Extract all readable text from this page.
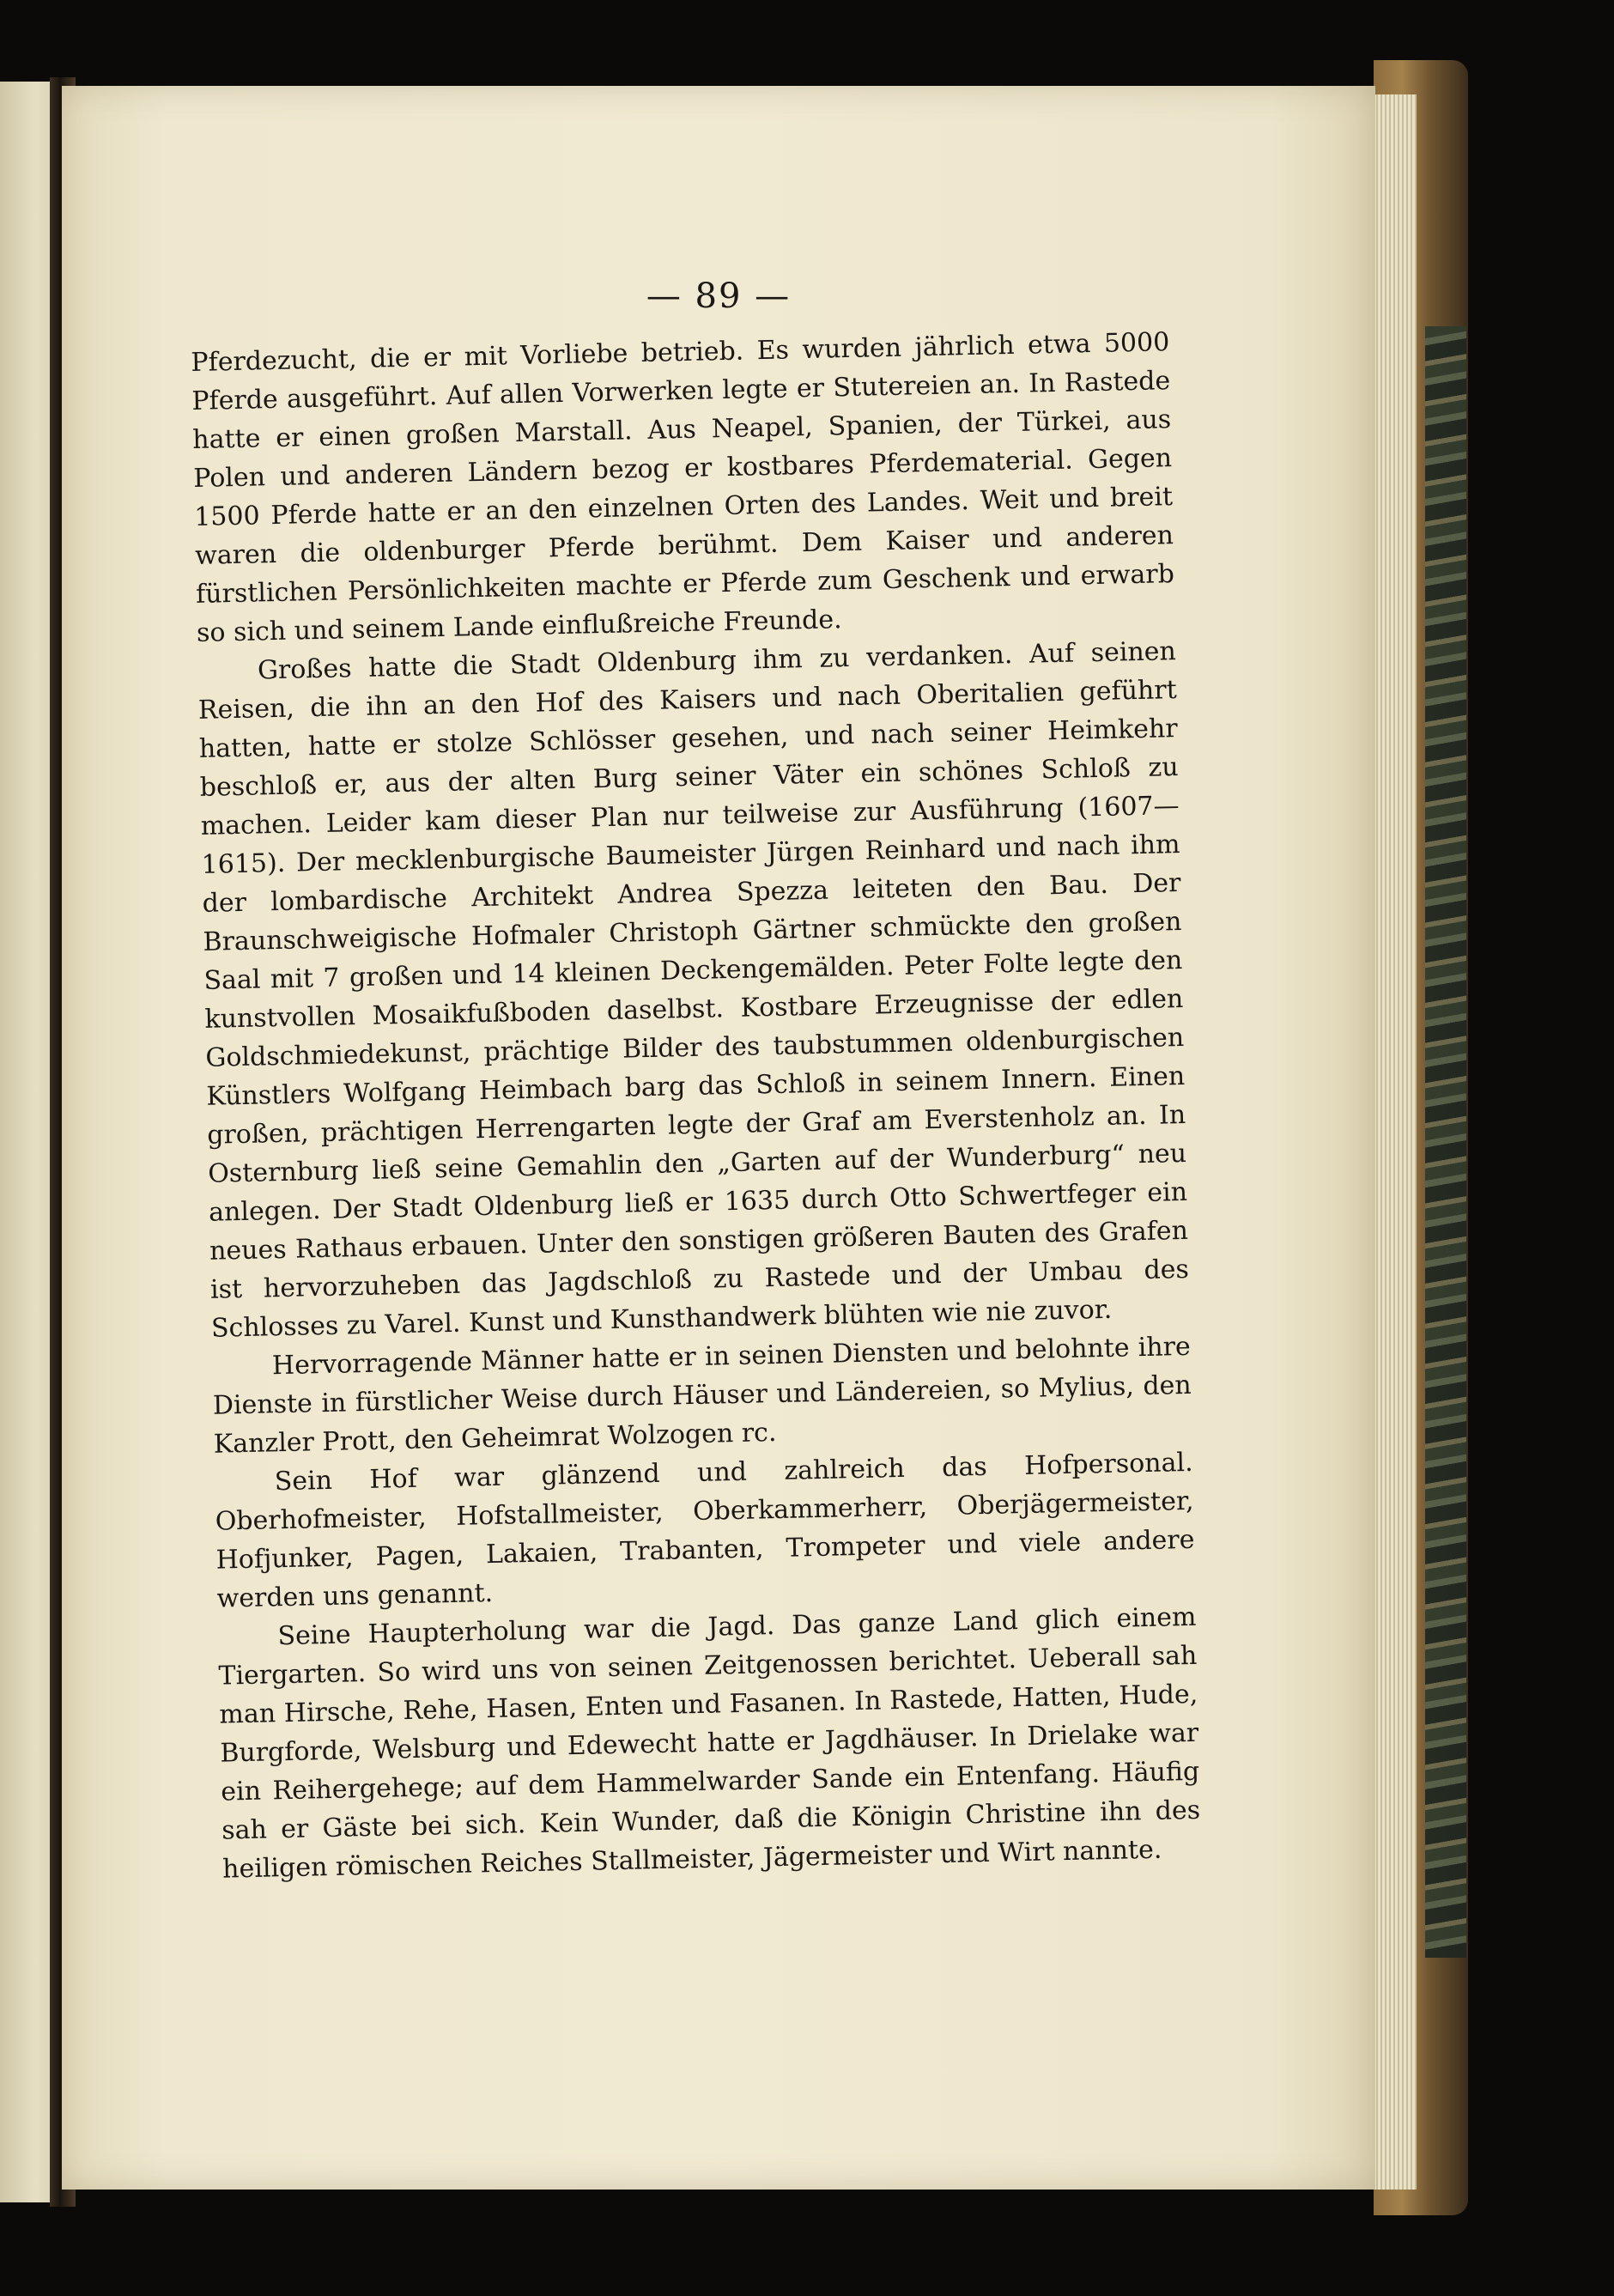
— 89 —

Pferdezucht, die er mit Vorliebe betrieb. Es wurden jährlich etwa 5000 Pferde ausgeführt. Auf allen Vorwerken legte er Stutereien an. In Rastede hatte er einen großen Marstall. Aus Neapel, Spanien, der Türkei, aus Polen und anderen Ländern bezog er kostbares Pferdematerial. Gegen 1500 Pferde hatte er an den einzelnen Orten des Landes. Weit und breit waren die oldenburger Pferde berühmt. Dem Kaiser und anderen fürstlichen Persönlichkeiten machte er Pferde zum Geschenk und erwarb so sich und seinem Lande einflußreiche Freunde.

Großes hatte die Stadt Oldenburg ihm zu verdanken. Auf seinen Reisen, die ihn an den Hof des Kaisers und nach Oberitalien geführt hatten, hatte er stolze Schlösser gesehen, und nach seiner Heimkehr beschloß er, aus der alten Burg seiner Väter ein schönes Schloß zu machen. Leider kam dieser Plan nur teilweise zur Ausführung (1607—1615). Der mecklenburgische Baumeister Jürgen Reinhard und nach ihm der lombardische Architekt Andrea Spezza leiteten den Bau. Der Braunschweigische Hofmaler Christoph Gärtner schmückte den großen Saal mit 7 großen und 14 kleinen Deckengemälden. Peter Folte legte den kunstvollen Mosaikfußboden daselbst. Kostbare Erzeugnisse der edlen Goldschmiedekunst, prächtige Bilder des taubstummen oldenburgischen Künstlers Wolfgang Heimbach barg das Schloß in seinem Innern. Einen großen, prächtigen Herrengarten legte der Graf am Everstenholz an. In Osternburg ließ seine Gemahlin den „Garten auf der Wunderburg“ neu anlegen. Der Stadt Oldenburg ließ er 1635 durch Otto Schwertfeger ein neues Rathaus erbauen. Unter den sonstigen größeren Bauten des Grafen ist hervorzuheben das Jagdschloß zu Rastede und der Umbau des Schlosses zu Varel. Kunst und Kunsthandwerk blühten wie nie zuvor.

Hervorragende Männer hatte er in seinen Diensten und belohnte ihre Dienste in fürstlicher Weise durch Häuser und Ländereien, so Mylius, den Kanzler Prott, den Geheimrat Wolzogen rc.

Sein Hof war glänzend und zahlreich das Hofpersonal. Oberhofmeister, Hofstallmeister, Oberkammerherr, Oberjägermeister, Hofjunker, Pagen, Lakaien, Trabanten, Trompeter und viele andere werden uns genannt.

Seine Haupterholung war die Jagd. Das ganze Land glich einem Tiergarten. So wird uns von seinen Zeitgenossen berichtet. Ueberall sah man Hirsche, Rehe, Hasen, Enten und Fasanen. In Rastede, Hatten, Hude, Burgforde, Welsburg und Edewecht hatte er Jagdhäuser. In Drielake war ein Reihergehege; auf dem Hammelwarder Sande ein Entenfang. Häufig sah er Gäste bei sich. Kein Wunder, daß die Königin Christine ihn des heiligen römischen Reiches Stallmeister, Jägermeister und Wirt nannte.
